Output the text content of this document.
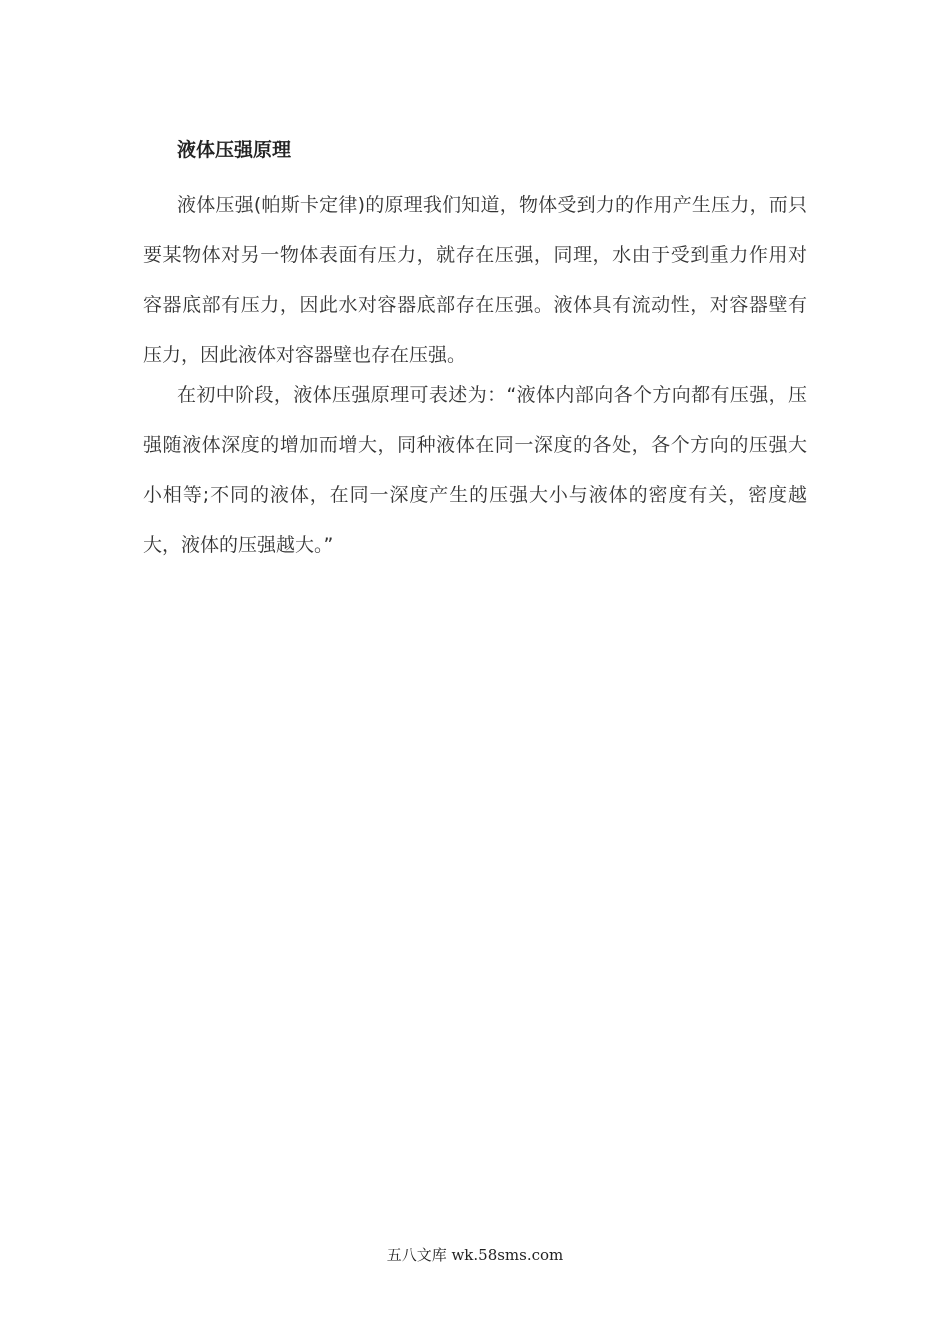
液体压强原理

液体压强(帕斯卡定律)的原理我们知道，物体受到力的作用产生压力，而只要某物体对另一物体表面有压力，就存在压强，同理，水由于受到重力作用对容器底部有压力，因此水对容器底部存在压强。液体具有流动性，对容器壁有压力，因此液体对容器壁也存在压强。

在初中阶段，液体压强原理可表述为：“液体内部向各个方向都有压强，压强随液体深度的增加而增大，同种液体在同一深度的各处，各个方向的压强大小相等;不同的液体，在同一深度产生的压强大小与液体的密度有关，密度越大，液体的压强越大。”

五八文库 wk.58sms.com
